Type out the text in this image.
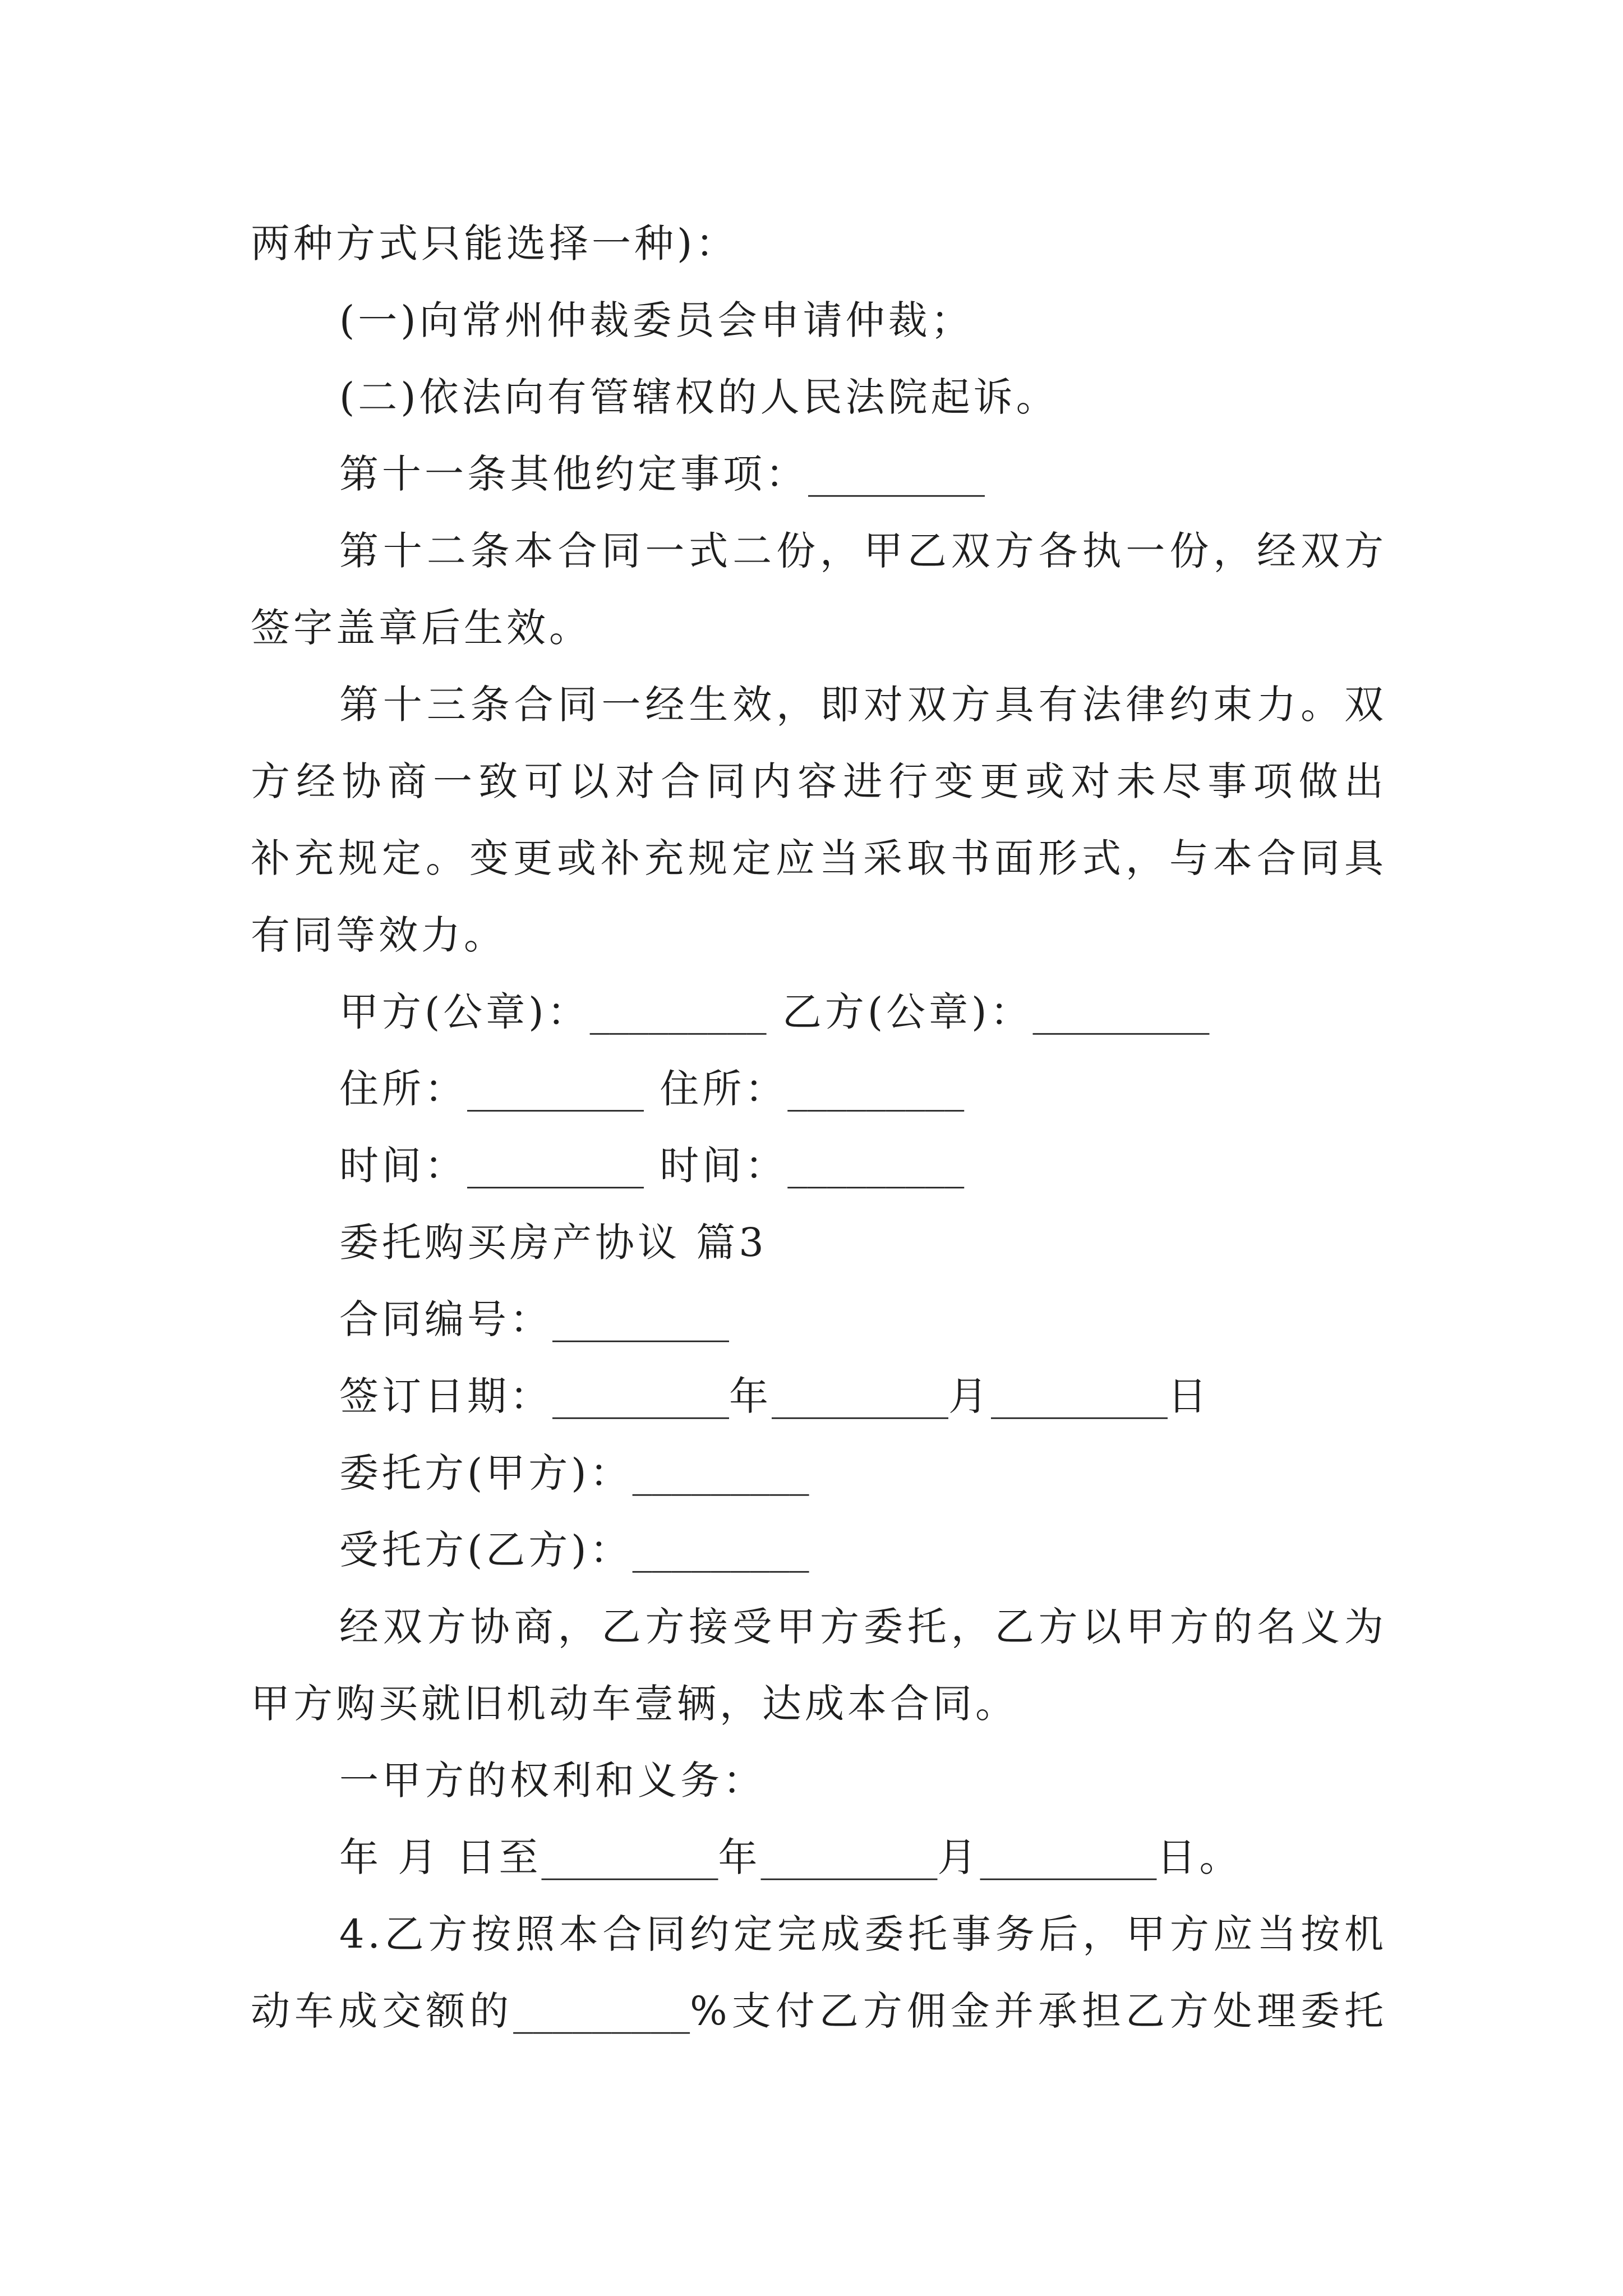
两种方式只能选择一种)：
(一)向常州仲裁委员会申请仲裁；
(二)依法向有管辖权的人民法院起诉。
第十一条其他约定事项：_________
第十二条本合同一式二份，甲乙双方各执一份，经双方
签字盖章后生效。
第十三条合同一经生效，即对双方具有法律约束力。双
方经协商一致可以对合同内容进行变更或对未尽事项做出
补充规定。变更或补充规定应当采取书面形式，与本合同具
有同等效力。
甲方(公章)：_________ 乙方(公章)：_________
住所：_________ 住所：_________
时间：_________ 时间：_________
委托购买房产协议 篇3
合同编号：_________
签订日期：_________年_________月_________日
委托方(甲方)：_________
受托方(乙方)：_________
经双方协商，乙方接受甲方委托，乙方以甲方的名义为
甲方购买就旧机动车壹辆，达成本合同。
一甲方的权利和义务：
年 月 日至_________年_________月_________日。
4.乙方按照本合同约定完成委托事务后，甲方应当按机
动车成交额的_________%支付乙方佣金并承担乙方处理委托
